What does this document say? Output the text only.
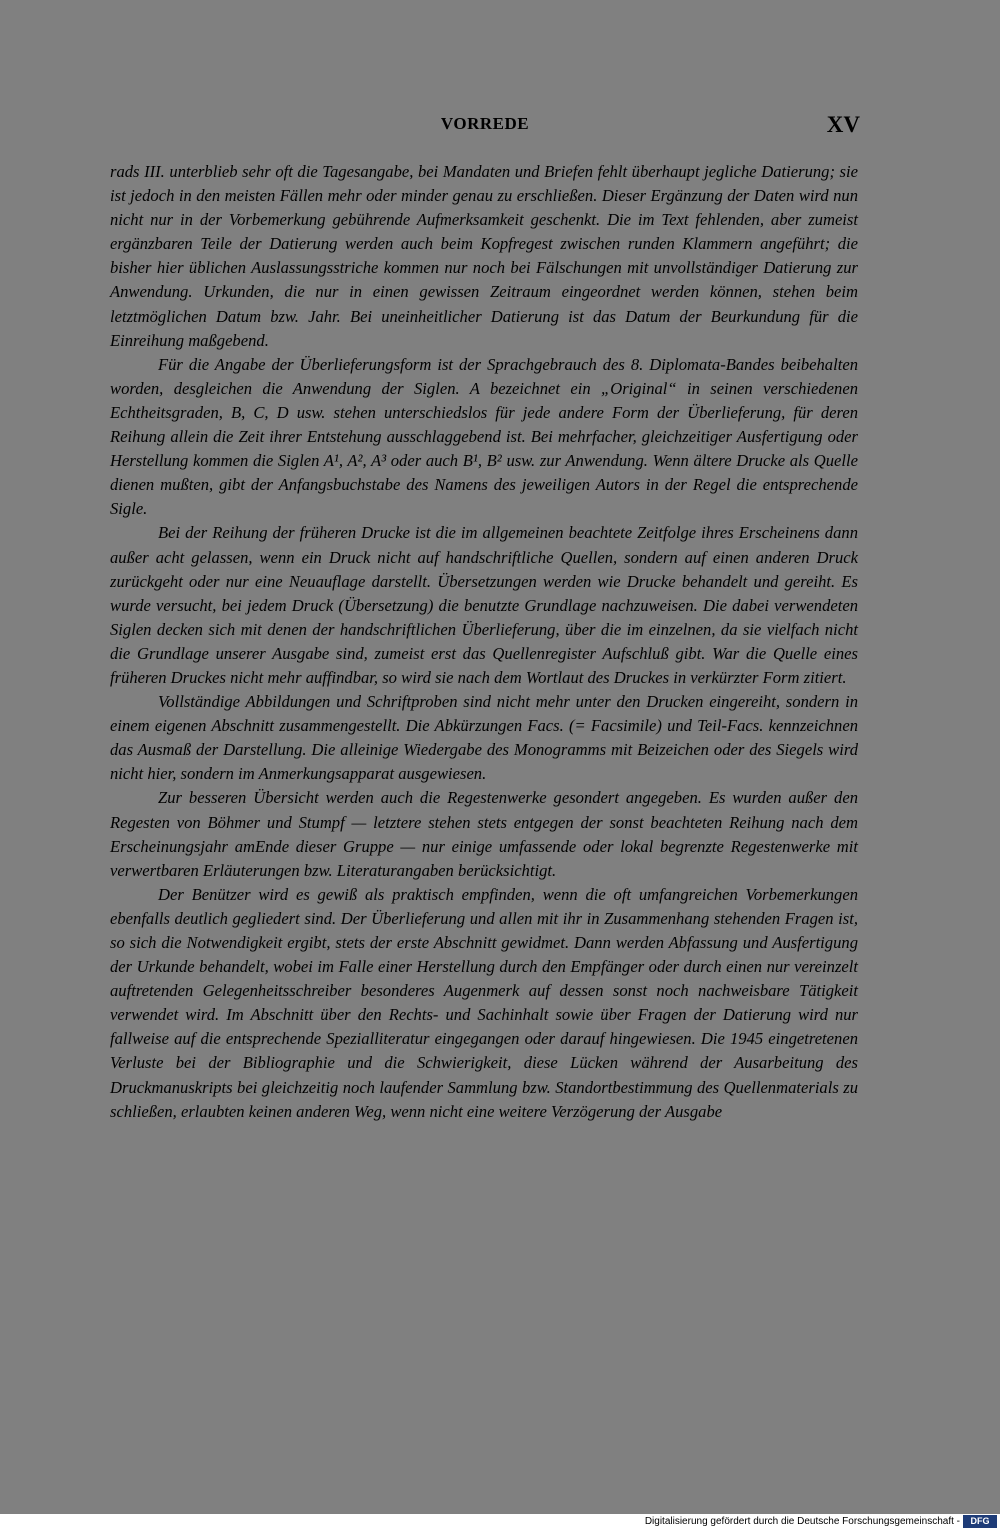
VORREDE	XV

rads III. unterblieb sehr oft die Tagesangabe, bei Mandaten und Briefen fehlt überhaupt jegliche Datierung; sie ist jedoch in den meisten Fällen mehr oder minder genau zu erschließen. Dieser Ergänzung der Daten wird nun nicht nur in der Vorbemerkung gebührende Aufmerksamkeit geschenkt. Die im Text fehlenden, aber zumeist ergänzbaren Teile der Datierung werden auch beim Kopfregest zwischen runden Klammern angeführt; die bisher hier üblichen Auslassungsstriche kommen nur noch bei Fälschungen mit unvollständiger Datierung zur Anwendung. Urkunden, die nur in einen gewissen Zeitraum eingeordnet werden können, stehen beim letztmöglichen Datum bzw. Jahr. Bei uneinheitlicher Datierung ist das Datum der Beurkundung für die Einreihung maßgebend.

Für die Angabe der Überlieferungsform ist der Sprachgebrauch des 8. Diplomata-Bandes beibehalten worden, desgleichen die Anwendung der Siglen. A bezeichnet ein „Original“ in seinen verschiedenen Echtheitsgraden, B, C, D usw. stehen unterschiedslos für jede andere Form der Überlieferung, für deren Reihung allein die Zeit ihrer Entstehung ausschlaggebend ist. Bei mehrfacher, gleichzeitiger Ausfertigung oder Herstellung kommen die Siglen A¹, A², A³ oder auch B¹, B² usw. zur Anwendung. Wenn ältere Drucke als Quelle dienen mußten, gibt der Anfangsbuchstabe des Namens des jeweiligen Autors in der Regel die entsprechende Sigle.

Bei der Reihung der früheren Drucke ist die im allgemeinen beachtete Zeitfolge ihres Erscheinens dann außer acht gelassen, wenn ein Druck nicht auf handschriftliche Quellen, sondern auf einen anderen Druck zurückgeht oder nur eine Neuauflage darstellt. Übersetzungen werden wie Drucke behandelt und gereiht. Es wurde versucht, bei jedem Druck (Übersetzung) die benutzte Grundlage nachzuweisen. Die dabei verwendeten Siglen decken sich mit denen der handschriftlichen Überlieferung, über die im einzelnen, da sie vielfach nicht die Grundlage unserer Ausgabe sind, zumeist erst das Quellenregister Aufschluß gibt. War die Quelle eines früheren Druckes nicht mehr auffindbar, so wird sie nach dem Wortlaut des Druckes in verkürzter Form zitiert.

Vollständige Abbildungen und Schriftproben sind nicht mehr unter den Drucken eingereiht, sondern in einem eigenen Abschnitt zusammengestellt. Die Abkürzungen Facs. (= Facsimile) und Teil-Facs. kennzeichnen das Ausmaß der Darstellung. Die alleinige Wiedergabe des Monogramms mit Beizeichen oder des Siegels wird nicht hier, sondern im Anmerkungsapparat ausgewiesen.

Zur besseren Übersicht werden auch die Regestenwerke gesondert angegeben. Es wurden außer den Regesten von Böhmer und Stumpf — letztere stehen stets entgegen der sonst beachteten Reihung nach dem Erscheinungsjahr amEnde dieser Gruppe — nur einige umfassende oder lokal begrenzte Regestenwerke mit verwertbaren Erläuterungen bzw. Literaturangaben berücksichtigt.

Der Benützer wird es gewiß als praktisch empfinden, wenn die oft umfangreichen Vorbemerkungen ebenfalls deutlich gegliedert sind. Der Überlieferung und allen mit ihr in Zusammenhang stehenden Fragen ist, so sich die Notwendigkeit ergibt, stets der erste Abschnitt gewidmet. Dann werden Abfassung und Ausfertigung der Urkunde behandelt, wobei im Falle einer Herstellung durch den Empfänger oder durch einen nur vereinzelt auftretenden Gelegenheitsschreiber besonderes Augenmerk auf dessen sonst noch nachweisbare Tätigkeit verwendet wird. Im Abschnitt über den Rechts- und Sachinhalt sowie über Fragen der Datierung wird nur fallweise auf die entsprechende Spezialliteratur eingegangen oder darauf hingewiesen. Die 1945 eingetretenen Verluste bei der Bibliographie und die Schwierigkeit, diese Lücken während der Ausarbeitung des Druckmanuskripts bei gleichzeitig noch laufender Sammlung bzw. Standortbestimmung des Quellenmaterials zu schließen, erlaubten keinen anderen Weg, wenn nicht eine weitere Verzögerung der Ausgabe

Digitalisierung gefördert durch die Deutsche Forschungsgemeinschaft -	DFG
